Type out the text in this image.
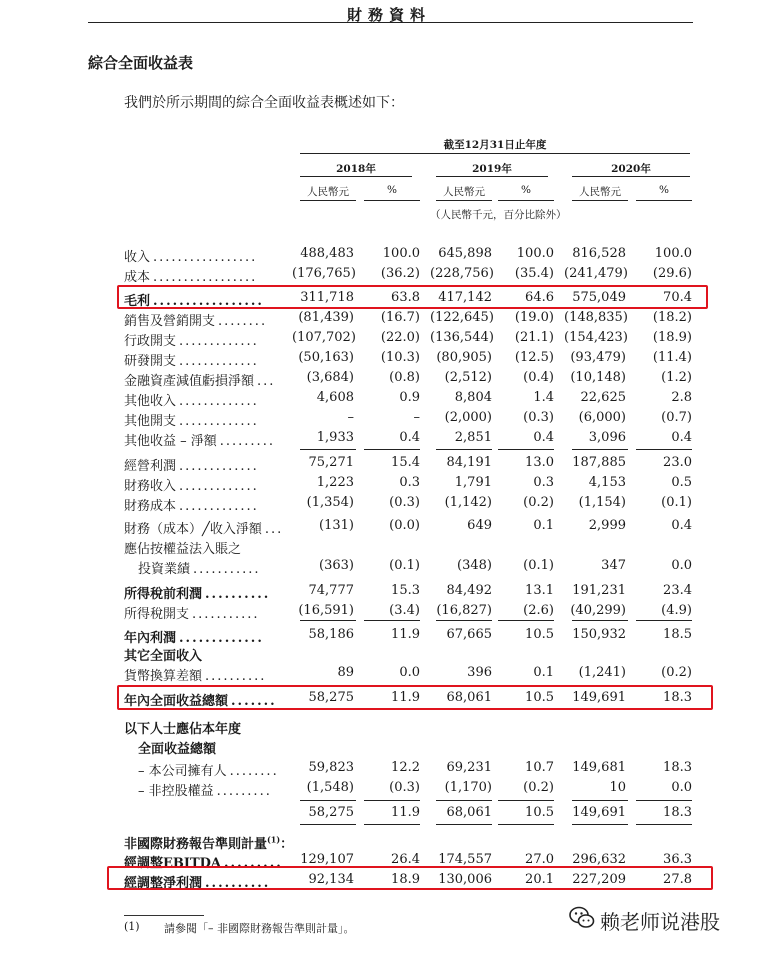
財務資料
綜合全面收益表
我們於所示期間的綜合全面收益表概述如下：
截至12月31日止年度
2018年	2019年	2020年
人民幣元	%	人民幣元	%	人民幣元	%
（人民幣千元，百分比除外）
收入 .................	488,483	100.0	645,898	100.0	816,528	100.0
成本 .................	(176,765)	(36.2) (228,756)	(35.4) (241,479)	(29.6)
毛利 .................	311,718	63.8	417,142	64.6	575,049	70.4
銷售及營銷開支 ........	(81,439)	(16.7) (122,645)	(19.0) (148,835)	(18.2)
行政開支 .............	(107,702)	(22.0) (136,544)	(21.1) (154,423)	(18.9)
研發開支 .............	(50,163)	(10.3)	(80,905)	(12.5)	(93,479)	(11.4)
金融資產減值虧損淨額 ...	(3,684)	(0.8)	(2,512)	(0.4)	(10,148)	(1.2)
其他收入 .............	4,608	0.9	8,804	1.4	22,625	2.8
其他開支 .............	–	–	(2,000)	(0.3)	(6,000)	(0.7)
其他收益 – 淨額 .........	1,933	0.4	2,851	0.4	3,096	0.4
經營利潤 .............	75,271	15.4	84,191	13.0	187,885	23.0
財務收入 .............	1,223	0.3	1,791	0.3	4,153	0.5
財務成本 .............	(1,354)	(0.3)	(1,142)	(0.2)	(1,154)	(0.1)
財務（成本）╱收入淨額 ...	(131)	(0.0)	649	0.1	2,999	0.4
應佔按權益法入賬之
投資業績 ...........	(363)	(0.1)	(348)	(0.1)	347	0.0
所得稅前利潤 ..........	74,777	15.3	84,492	13.1	191,231	23.4
所得稅開支 ...........	(16,591)	(3.4)	(16,827)	(2.6)	(40,299)	(4.9)
年內利潤 .............	58,186	11.9	67,665	10.5	150,932	18.5
其它全面收入
貨幣換算差額 ..........	89	0.0	396	0.1	(1,241)	(0.2)
年內全面收益總額 .......	58,275	11.9	68,061	10.5	149,691	18.3
以下人士應佔本年度
全面收益總額
– 本公司擁有人 ........	59,823	12.2	69,231	10.7	149,681	18.3
– 非控股權益 .........	(1,548)	(0.3)	(1,170)	(0.2)	10	0.0
58,275	11.9	68,061	10.5	149,691	18.3
非國際財務報告準則計量$^{(1)}$：
經調整EBITDA .........	129,107	26.4	174,557	27.0	296,632	36.3
經調整淨利潤 ..........	92,134	18.9	130,006	20.1	227,209	27.8
(1) 請參閱「– 非國際財務報告準則計量」。	赖老师说港股
